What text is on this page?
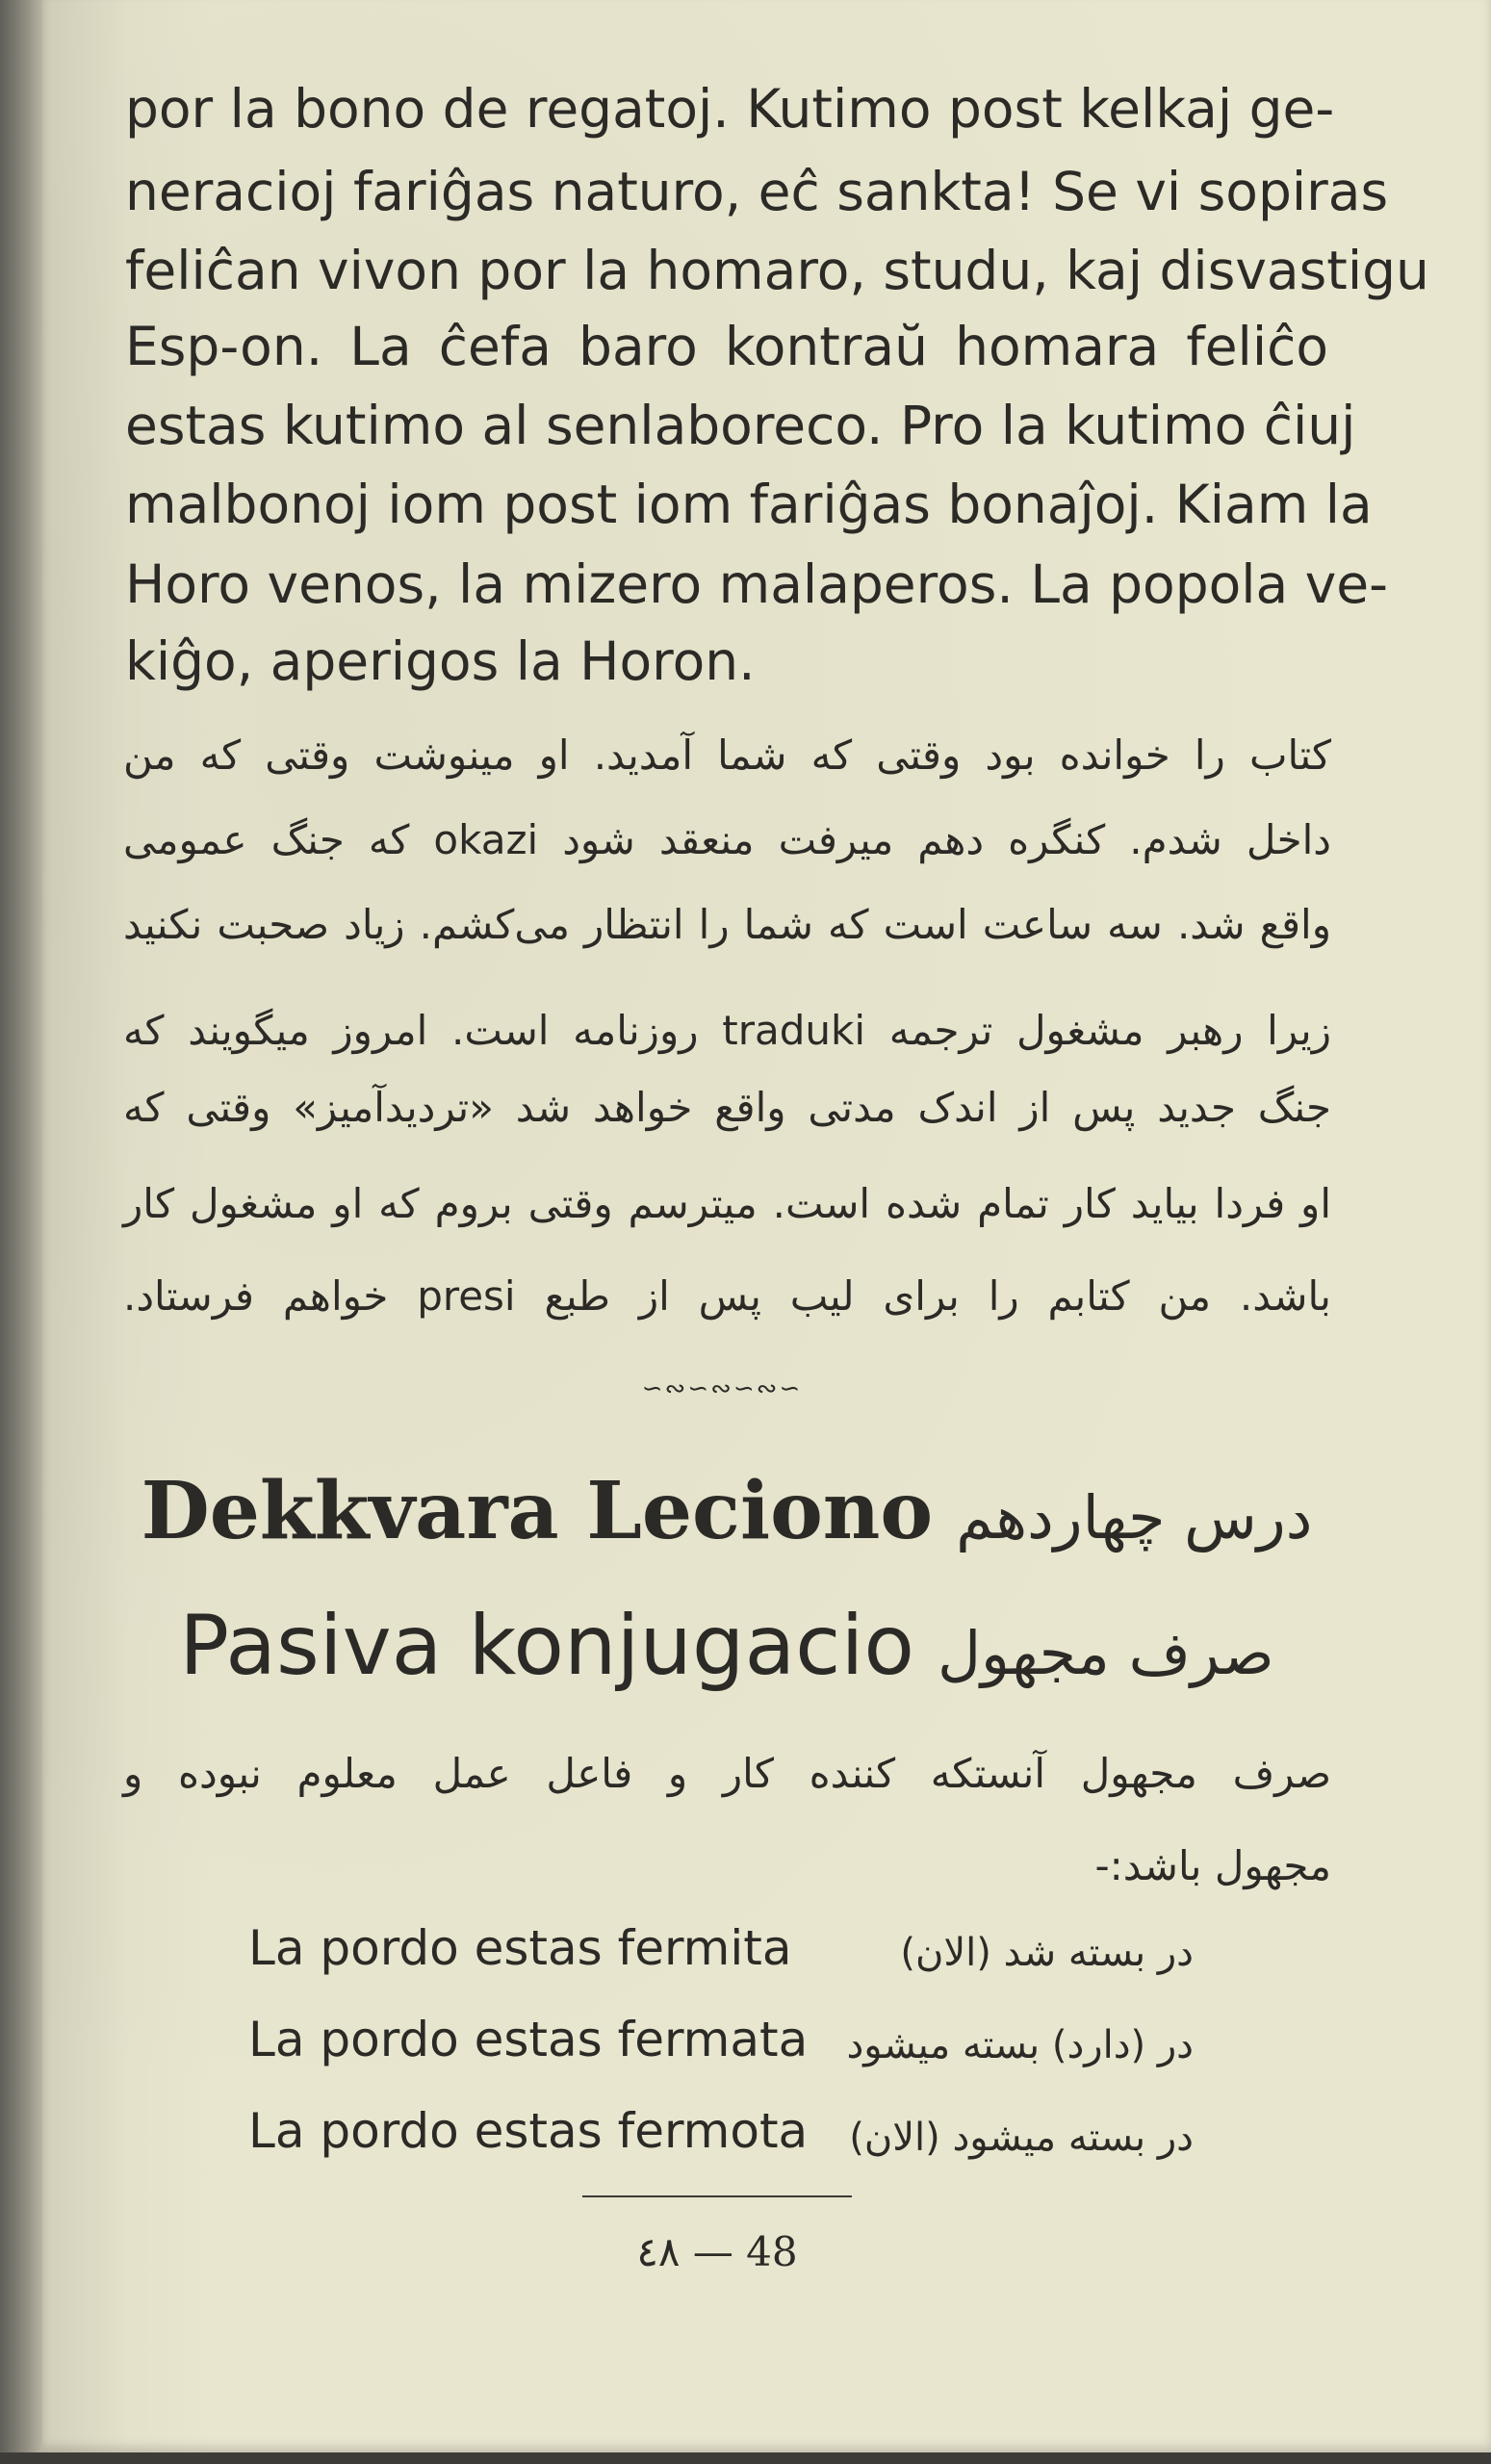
por la bono de regatoj. Kutimo post kelkaj ge-
neracioj fariĝas naturo, eĉ sankta! Se vi sopiras
feliĉan vivon por la homaro, studu, kaj disvastigu
Esp-on. La ĉefa baro kontraŭ homara feliĉo
estas kutimo al senlaboreco. Pro la kutimo ĉiuj
malbonoj iom post iom fariĝas bonaĵoj. Kiam la
Horo venos, la mizero malaperos. La popola ve-
kiĝo, aperigos la Horon.
کتاب را خوانده بود وقتی که شما آمدید. او مینوشت وقتی که من
داخل شدم. کنگره دهم میرفت منعقد شود okazi که جنگ عمومی
واقع شد. سه ساعت است که شما را انتظار می‌کشم. زیاد صحبت نکنید
زیرا رهبر مشغول ترجمه traduki روزنامه است. امروز میگویند که
جنگ جدید پس از اندک مدتی واقع خواهد شد «تردیدآمیز» وقتی که
او فردا بیاید کار تمام شده است. میترسم وقتی بروم که او مشغول کار
باشد. من کتابم را برای لیب پس از طبع presi خواهم فرستاد.
∽∾∽∾∽∾∽
Dekkvara Leciono درس چهاردهم
Pasiva konjugacio صرف مجهول
صرف مجهول آنستکه کننده کار و فاعل عمل معلوم نبوده و
مجهول باشد:-
La pordo estas fermita	در بسته شد (الان)
La pordo estas fermata	در (دارد) بسته میشود
La pordo estas fermota	در بسته میشود (الان)
٤٨ — 48
